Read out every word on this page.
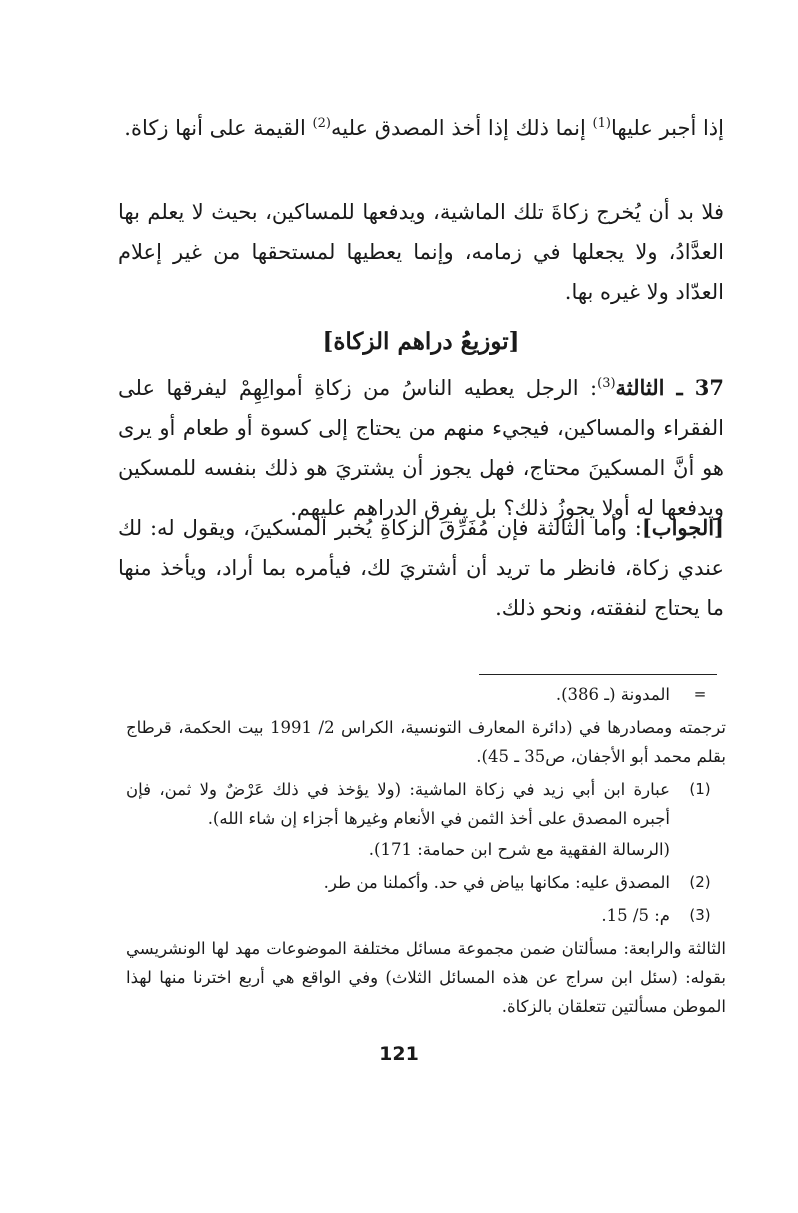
إذا أجبر عليها$^{(1)}$ إنما ذلك إذا أخذ المصدق عليه$^{(2)}$ القيمة على أنها زكاة.

فلا بد أن يُخرج زكاةَ تلك الماشية، ويدفعها للمساكين، بحيث لا يعلم بها العدَّادُ، ولا يجعلها في زمامه، وإنما يعطيها لمستحقها من غير إعلام العدّاد ولا غيره بها.

[توزيعُ دراهم الزكاة]

37 ـ الثالثة$^{(3)}$: الرجل يعطيه الناسُ من زكاةِ أموالِهِمْ ليفرقها على الفقراء والمساكين، فيجيء منهم من يحتاج إلى كسوة أو طعام أو يرى هو أنَّ المسكينَ محتاج، فهل يجوز أن يشتريَ هو ذلك بنفسه للمسكين ويدفعها له أولا يجوزُ ذلك؟ بل يفرق الدراهم عليهم.

[الجواب]: وأما الثالثة فإن مُفَرِّقَ الزكاةِ يُخبر المسكينَ، ويقول له: لك عندي زكاة، فانظر ما تريد أن أشتريَ لك، فيأمره بما أراد، ويأخذ منها ما يحتاج لنفقته، ونحو ذلك.

=
المدونة (ـ 386).
ترجمته ومصادرها في (دائرة المعارف التونسية، الكراس 2/ 1991 بيت الحكمة، قرطاج بقلم محمد أبو الأجفان، ص35 ـ 45).
(1)
عبارة ابن أبي زيد في زكاة الماشية: (ولا يؤخذ في ذلك عَرْضٌ ولا ثمن، فإن أجبره المصدق على أخذ الثمن في الأنعام وغيرها أجزاء إن شاء الله).
(الرسالة الفقهية مع شرح ابن حمامة: 171).
(2)
المصدق عليه: مكانها بياض في حد. وأكملنا من طر.
(3)
م: 5/ 15.
الثالثة والرابعة: مسألتان ضمن مجموعة مسائل مختلفة الموضوعات مهد لها الونشريسي بقوله: (سئل ابن سراج عن هذه المسائل الثلاث) وفي الواقع هي أربع اخترنا منها لهذا الموطن مسألتين تتعلقان بالزكاة.
121
